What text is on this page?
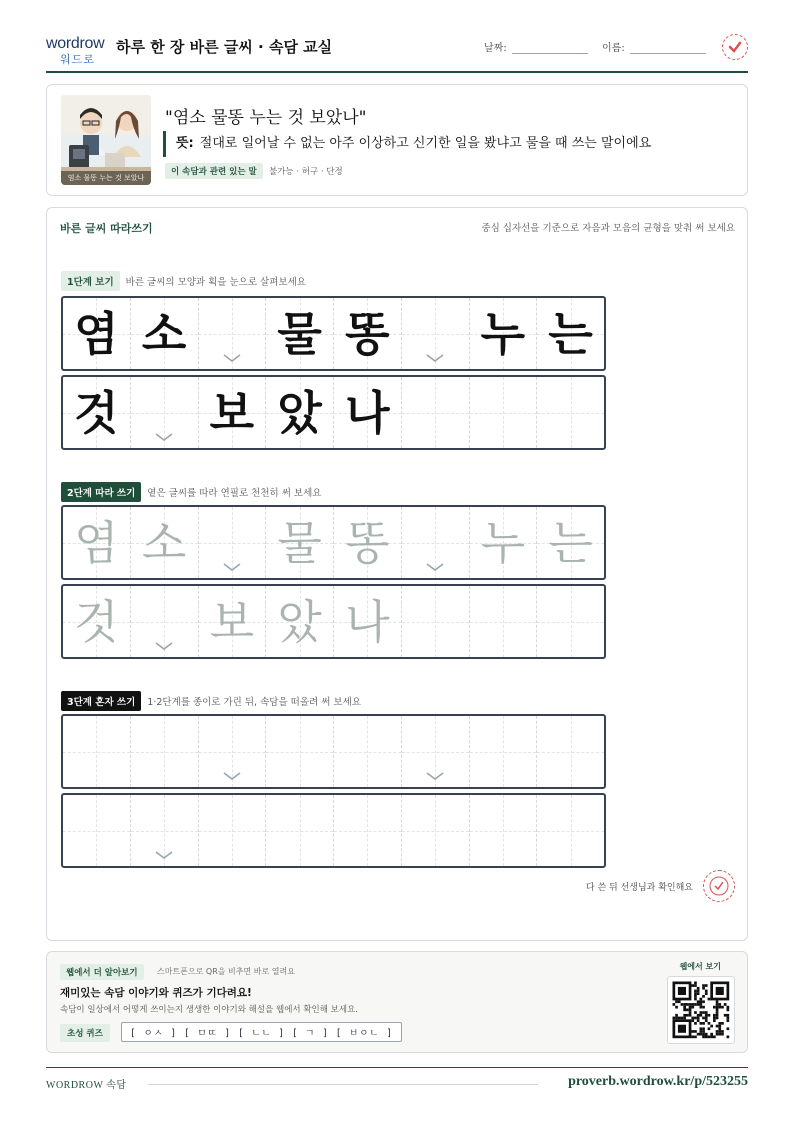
wordrow
워드로
하루 한 장 바른 글씨 · 속담 교실	날짜:	이름:
염소 물똥 누는 것 보았나
"염소 물똥 누는 것 보았나"
뜻: 절대로 일어날 수 없는 아주 이상하고 신기한 일을 봤냐고 물을 때 쓰는 말이에요
이 속담과 관련 있는 말	불가능 · 허구 · 단정
바른 글씨 따라쓰기	중심 십자선을 기준으로 자음과 모음의 균형을 맞춰 써 보세요
1단계 보기 바른 글씨의 모양과 획을 눈으로 살펴보세요
염 소 물 똥 누 는
것 보 았 나
2단계 따라 쓰기 옅은 글씨를 따라 연필로 천천히 써 보세요
염 소 물 똥 누 는
것 보 았 나
3단계 혼자 쓰기 1·2단계를 종이로 가린 뒤, 속담을 떠올려 써 보세요
다 쓴 뒤 선생님과 확인해요
웹에서 더 알아보기	스마트폰으로 QR을 비추면 바로 열려요
재미있는 속담 이야기와 퀴즈가 기다려요!
속담이 일상에서 어떻게 쓰이는지 생생한 이야기와 해설을 웹에서 확인해 보세요.
초성 퀴즈	[ ㅇㅅ ] [ ㅁㄸ ] [ ㄴㄴ ] [ ㄱ ] [ ㅂㅇㄴ ]
웹에서 보기
WORDROW 속담	proverb.wordrow.kr/p/523255
